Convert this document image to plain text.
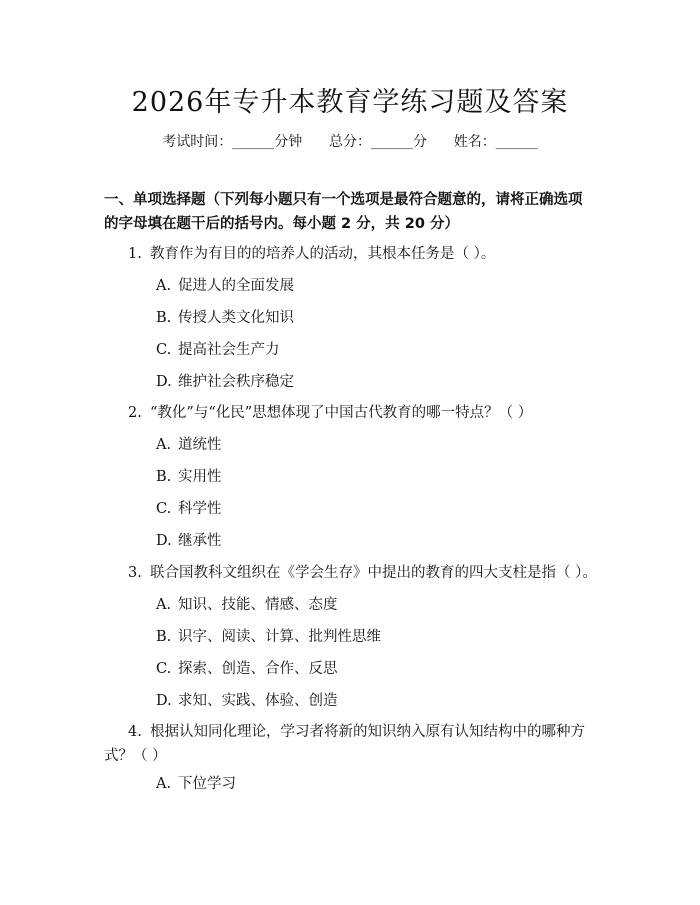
2026年专升本教育学练习题及答案
考试时间：______分钟 总分：______分 姓名：______
一、单项选择题（下列每小题只有一个选项是最符合题意的，请将正确选项的字母填在题干后的括号内。每小题 2 分，共 20 分）
1. 教育作为有目的的培养人的活动，其根本任务是（ ）。
A. 促进人的全面发展
B. 传授人类文化知识
C. 提高社会生产力
D. 维护社会秩序稳定
2. “教化”与“化民”思想体现了中国古代教育的哪一特点？（ ）
A. 道统性
B. 实用性
C. 科学性
D. 继承性
3. 联合国教科文组织在《学会生存》中提出的教育的四大支柱是指（ ）。
A. 知识、技能、情感、态度
B. 识字、阅读、计算、批判性思维
C. 探索、创造、合作、反思
D. 求知、实践、体验、创造
4. 根据认知同化理论，学习者将新的知识纳入原有认知结构中的哪种方式？（ ）
A. 下位学习
